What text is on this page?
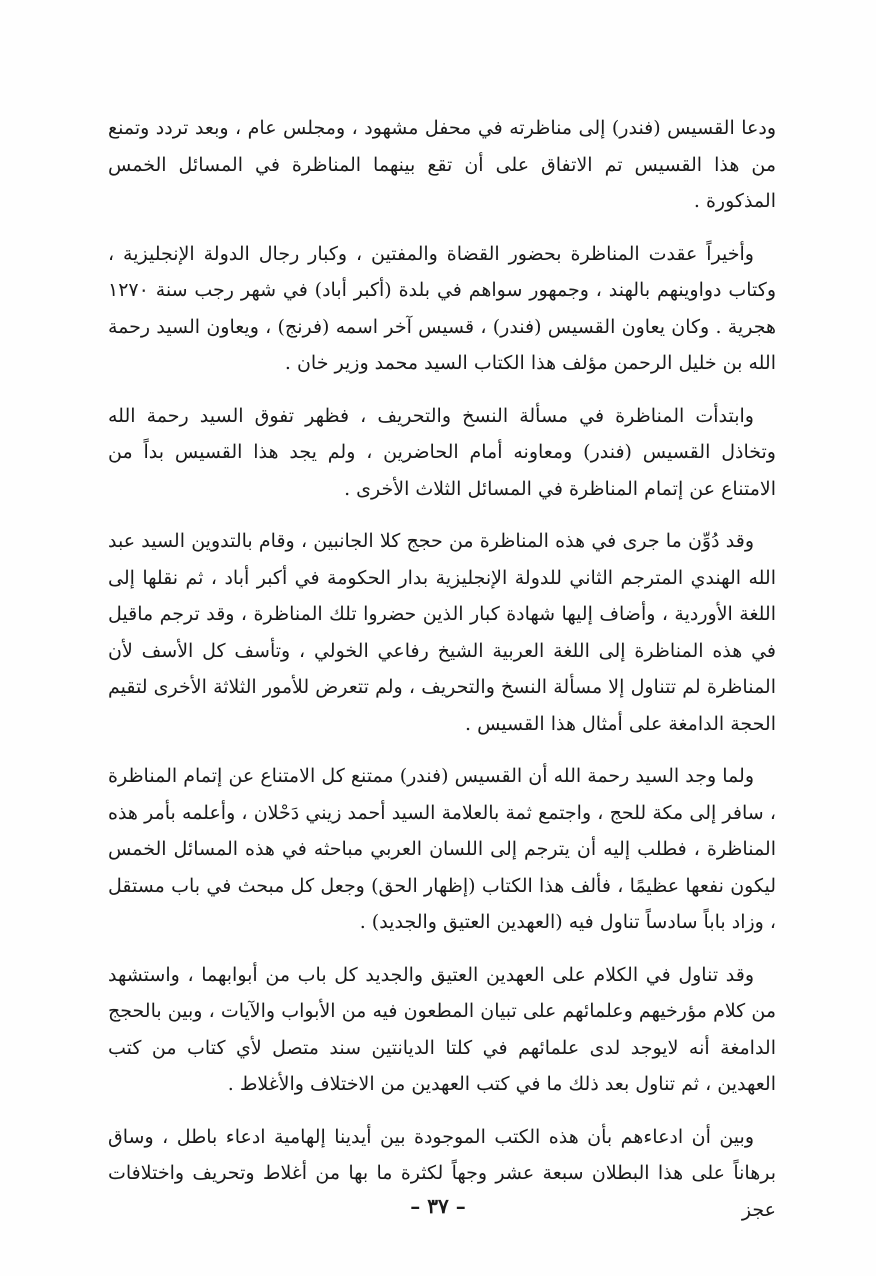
ودعا القسيس (فندر) إلى مناظرته في محفل مشهود ، ومجلس عام ، وبعد تردد وتمنع من هذا القسيس تم الاتفاق على أن تقع بينهما المناظرة في المسائل الخمس المذكورة .

وأخيراً عقدت المناظرة بحضور القضاة والمفتين ، وكبار رجال الدولة الإنجليزية ، وكتاب دواوينهم بالهند ، وجمهور سواهم في بلدة (أكبر أباد) في شهر رجب سنة ١٢٧٠ هجرية . وكان يعاون القسيس (فندر) ، قسيس آخر اسمه (فرنج) ، ويعاون السيد رحمة الله بن خليل الرحمن مؤلف هذا الكتاب السيد محمد وزير خان .

وابتدأت المناظرة في مسألة النسخ والتحريف ، فظهر تفوق السيد رحمة الله وتخاذل القسيس (فندر) ومعاونه أمام الحاضرين ، ولم يجد هذا القسيس بداً من الامتناع عن إتمام المناظرة في المسائل الثلاث الأخرى .

وقد دُوِّن ما جرى في هذه المناظرة من حجج كلا الجانبين ، وقام بالتدوين السيد عبد الله الهندي المترجم الثاني للدولة الإنجليزية بدار الحكومة في أكبر أباد ، ثم نقلها إلى اللغة الأوردية ، وأضاف إليها شهادة كبار الذين حضروا تلك المناظرة ، وقد ترجم ماقيل في هذه المناظرة إلى اللغة العربية الشيخ رفاعي الخولي ، وتأسف كل الأسف لأن المناظرة لم تتناول إلا مسألة النسخ والتحريف ، ولم تتعرض للأمور الثلاثة الأخرى لتقيم الحجة الدامغة على أمثال هذا القسيس .

ولما وجد السيد رحمة الله أن القسيس (فندر) ممتنع كل الامتناع عن إتمام المناظرة ، سافر إلى مكة للحج ، واجتمع ثمة بالعلامة السيد أحمد زيني دَحْلان ، وأعلمه بأمر هذه المناظرة ، فطلب إليه أن يترجم إلى اللسان العربي مباحثه في هذه المسائل الخمس ليكون نفعها عظيمًا ، فألف هذا الكتاب (إظهار الحق) وجعل كل مبحث في باب مستقل ، وزاد باباً سادساً تناول فيه (العهدين العتيق والجديد) .

وقد تناول في الكلام على العهدين العتيق والجديد كل باب من أبوابهما ، واستشهد من كلام مؤرخيهم وعلمائهم على تبيان المطعون فيه من الأبواب والآيات ، وبين بالحجج الدامغة أنه لايوجد لدى علمائهم في كلتا الديانتين سند متصل لأي كتاب من كتب العهدين ، ثم تناول بعد ذلك ما في كتب العهدين من الاختلاف والأغلاط .

وبين أن ادعاءهم بأن هذه الكتب الموجودة بين أيدينا إلهامية ادعاء باطل ، وساق برهاناً على هذا البطلان سبعة عشر وجهاً لكثرة ما بها من أغلاط وتحريف واختلافات عجز

– ٣٧ –
